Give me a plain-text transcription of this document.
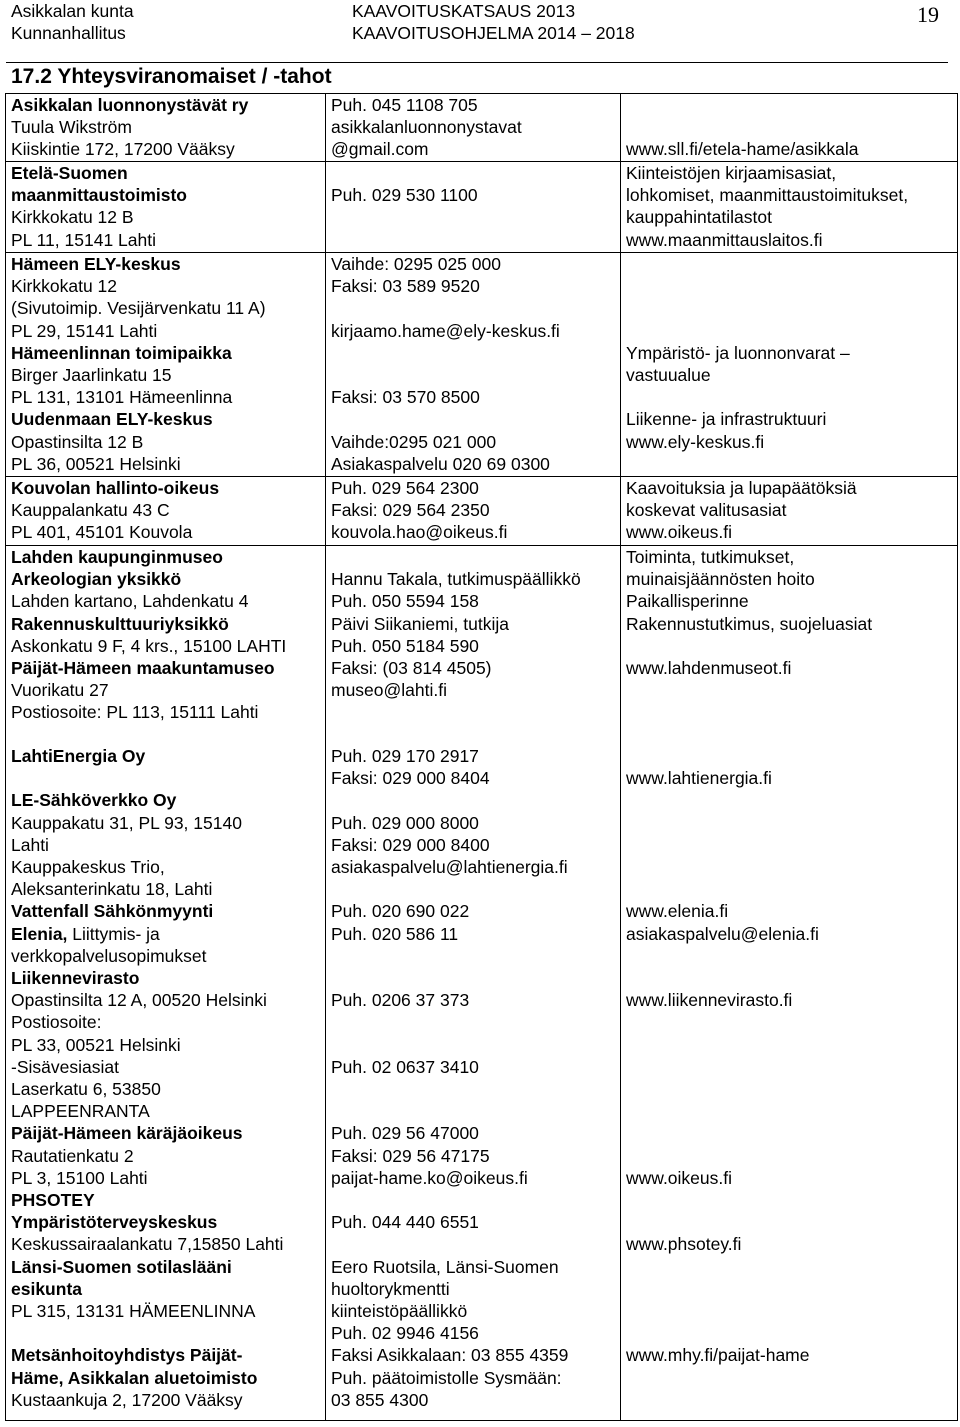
Asikkalan kunta
Kunnanhallitus
KAAVOITUSKATSAUS 2013
KAAVOITUSOHJELMA 2014 – 2018
19
17.2 Yhteysviranomaiset / -tahot
Asikkalan luonnonystävät ry
Tuula Wikström
Kiiskintie 172, 17200 Vääksy
Puh. 045 1108 705
asikkalanluonnonystavat
@gmail.com

	www.sll.fi/etela-hame/asikkala
Etelä-Suomen
maanmittaustoimisto
Kirkkokatu 12 B
PL 11, 15141 Lahti

Puh. 029 530 1100
Kiinteistöjen kirjaamisasiat,
lohkomiset, maanmittaustoimitukset,
kauppahintatilastot
www.maanmittauslaitos.fi
Hämeen ELY-keskus
Kirkkokatu 12
(Sivutoimip. Vesijärvenkatu 11 A)
PL 29, 15141 Lahti
Hämeenlinnan toimipaikka
Birger Jaarlinkatu 15
PL 131, 13101 Hämeenlinna
Uudenmaan ELY-keskus
Opastinsilta 12 B
PL 36, 00521 Helsinki
Vaihde: 0295 025 000
Faksi: 03 589 9520

kirjaamo.hame@ely-keskus.fi

Faksi: 03 570 8500

Vaihde:0295 021 000
Asiakaspalvelu 020 69 0300

Ympäristö- ja luonnonvarat –
vastuualue

Liikenne- ja infrastruktuuri
www.ely-keskus.fi
Kouvolan hallinto-oikeus
Kauppalankatu 43 C
PL 401, 45101 Kouvola
Puh. 029 564 2300
Faksi: 029 564 2350
kouvola.hao@oikeus.fi
Kaavoituksia ja lupapäätöksiä
koskevat valitusasiat
www.oikeus.fi
Lahden kaupunginmuseo
Arkeologian yksikkö
Lahden kartano, Lahdenkatu 4
Rakennuskulttuuriyksikkö
Askonkatu 9 F, 4 krs., 15100 LAHTI
Päijät-Hämeen maakuntamuseo
Vuorikatu 27
Postiosoite: PL 113, 15111 Lahti

Hannu Takala, tutkimuspäällikkö
Puh. 050 5594 158
Päivi Siikaniemi, tutkija
Puh. 050 5184 590
Faksi: (03 814 4505)
museo@lahti.fi
Toiminta, tutkimukset,
muinaisjäännösten hoito
Paikallisperinne
Rakennustutkimus, suojeluasiat

www.lahdenmuseot.fi
LahtiEnergia Oy

LE-Sähköverkko Oy
Kauppakatu 31, PL 93, 15140
Lahti
Kauppakeskus Trio,
Aleksanterinkatu 18, Lahti
Vattenfall Sähkönmyynti
Elenia, Liittymis- ja
verkkopalvelusopimukset
Liikennevirasto
Opastinsilta 12 A, 00520 Helsinki
Postiosoite:
PL 33, 00521 Helsinki
-Sisävesiasiat
Laserkatu 6, 53850
LAPPEENRANTA
Päijät-Hämeen käräjäoikeus
Rautatienkatu 2
PL 3, 15100 Lahti
PHSOTEY
Ympäristöterveyskeskus
Keskussairaalankatu 7,15850 Lahti
Länsi-Suomen sotilaslääni
esikunta
PL 315, 13131 HÄMEENLINNA

Metsänhoitoyhdistys Päijät-
Häme, Asikkalan aluetoimisto
Kustaankuja 2, 17200 Vääksy
Puh. 029 170 2917
Faksi: 029 000 8404

Puh. 029 000 8000
Faksi: 029 000 8400
asiakaspalvelu@lahtienergia.fi

Puh. 020 690 022
Puh. 020 586 11

Puh. 0206 37 373

Puh. 02 0637 3410

Puh. 029 56 47000
Faksi: 029 56 47175
paijat-hame.ko@oikeus.fi

Puh. 044 440 6551

Eero Ruotsila, Länsi-Suomen
huoltorykmentti
kiinteistöpäällikkö
Puh. 02 9946 4156
Faksi Asikkalaan: 03 855 4359
Puh. päätoimistolle Sysmään:
03 855 4300

www.lahtienergia.fi

www.elenia.fi
asiakaspalvelu@elenia.fi

www.liikennevirasto.fi

www.oikeus.fi

www.phsotey.fi

www.mhy.fi/paijat-hame
